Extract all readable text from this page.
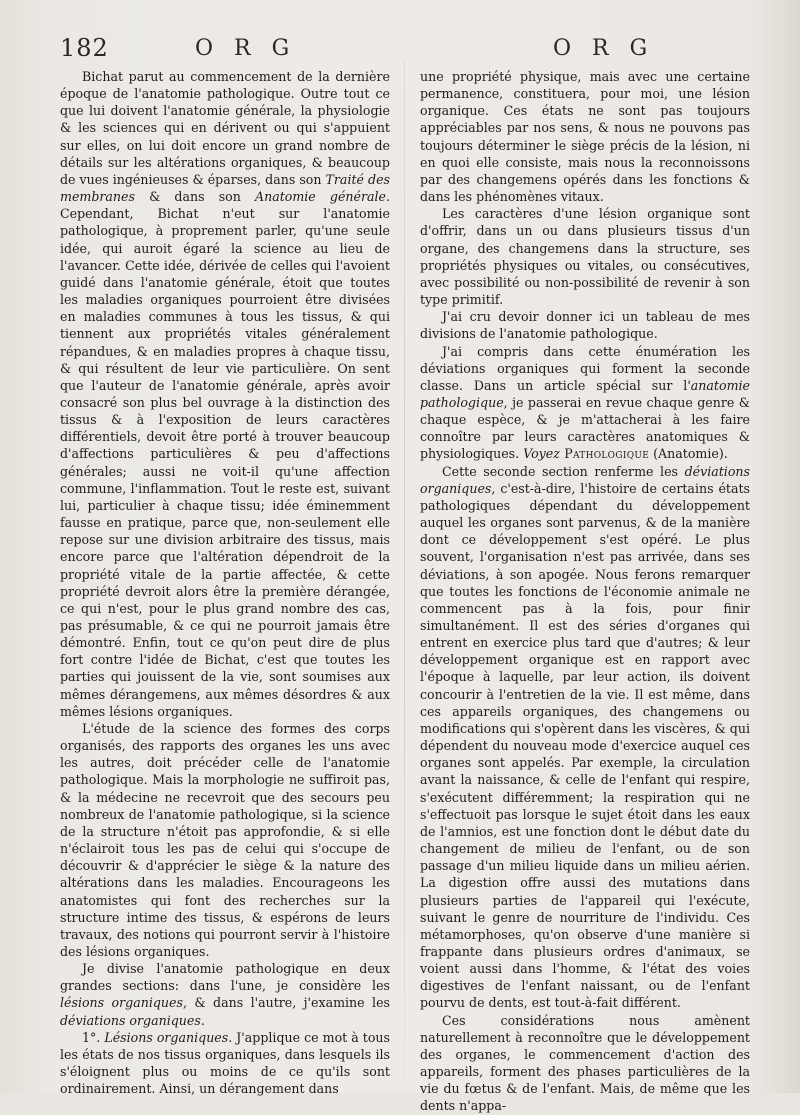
182	O R G	O R G

Bichat parut au commencement de la dernière époque de l'anatomie pathologique. Outre tout ce que lui doivent l'anatomie générale, la physiologie & les sciences qui en dérivent ou qui s'appuient sur elles, on lui doit encore un grand nombre de détails sur les altérations organiques, & beaucoup de vues ingénieuses & éparses, dans son Traité des membranes & dans son Anatomie générale. Cependant, Bichat n'eut sur l'anatomie pathologique, à proprement parler, qu'une seule idée, qui auroit égaré la science au lieu de l'avancer. Cette idée, dérivée de celles qui l'avoient guidé dans l'anatomie générale, étoit que toutes les maladies organiques pourroient être divisées en maladies communes à tous les tissus, & qui tiennent aux propriétés vitales généralement répandues, & en maladies propres à chaque tissu, & qui résultent de leur vie particulière. On sent que l'auteur de l'anatomie générale, après avoir consacré son plus bel ouvrage à la distinction des tissus & à l'exposition de leurs caractères différentiels, devoit être porté à trouver beaucoup d'affections particulières & peu d'affections générales; aussi ne voit-il qu'une affection commune, l'inflammation. Tout le reste est, suivant lui, particulier à chaque tissu; idée éminemment fausse en pratique, parce que, non-seulement elle repose sur une division arbitraire des tissus, mais encore parce que l'altération dépendroit de la propriété vitale de la partie affectée, & cette propriété devroit alors être la première dérangée, ce qui n'est, pour le plus grand nombre des cas, pas présumable, & ce qui ne pourroit jamais être démontré. Enfin, tout ce qu'on peut dire de plus fort contre l'idée de Bichat, c'est que toutes les parties qui jouissent de la vie, sont soumises aux mêmes dérangemens, aux mêmes désordres & aux mêmes lésions organiques.

L'étude de la science des formes des corps organisés, des rapports des organes les uns avec les autres, doit précéder celle de l'anatomie pathologique. Mais la morphologie ne suffiroit pas, & la médecine ne recevroit que des secours peu nombreux de l'anatomie pathologique, si la science de la structure n'étoit pas approfondie, & si elle n'éclairoit tous les pas de celui qui s'occupe de découvrir & d'apprécier le siège & la nature des altérations dans les maladies. Encourageons les anatomistes qui font des recherches sur la structure intime des tissus, & espérons de leurs travaux, des notions qui pourront servir à l'histoire des lésions organiques.

Je divise l'anatomie pathologique en deux grandes sections: dans l'une, je considère les lésions organiques, & dans l'autre, j'examine les déviations organiques.

1°. Lésions organiques. J'applique ce mot à tous les états de nos tissus organiques, dans lesquels ils s'éloignent plus ou moins de ce qu'ils sont ordinairement. Ainsi, un dérangement dans

une propriété physique, mais avec une certaine permanence, constituera, pour moi, une lésion organique. Ces états ne sont pas toujours appréciables par nos sens, & nous ne pouvons pas toujours déterminer le siège précis de la lésion, ni en quoi elle consiste, mais nous la reconnoissons par des changemens opérés dans les fonctions & dans les phénomènes vitaux.

Les caractères d'une lésion organique sont d'offrir, dans un ou dans plusieurs tissus d'un organe, des changemens dans la structure, ses propriétés physiques ou vitales, ou consécutives, avec possibilité ou non-possibilité de revenir à son type primitif.

J'ai cru devoir donner ici un tableau de mes divisions de l'anatomie pathologique.

J'ai compris dans cette énumération les déviations organiques qui forment la seconde classe. Dans un article spécial sur l'anatomie pathologique, je passerai en revue chaque genre & chaque espèce, & je m'attacherai à les faire connoître par leurs caractères anatomiques & physiologiques. Voyez Pathologique (Anatomie).

Cette seconde section renferme les déviations organiques, c'est-à-dire, l'histoire de certains états pathologiques dépendant du développement auquel les organes sont parvenus, & de la manière dont ce développement s'est opéré. Le plus souvent, l'organisation n'est pas arrivée, dans ses déviations, à son apogée. Nous ferons remarquer que toutes les fonctions de l'économie animale ne commencent pas à la fois, pour finir simultanément. Il est des séries d'organes qui entrent en exercice plus tard que d'autres; & leur développement organique est en rapport avec l'époque à laquelle, par leur action, ils doivent concourir à l'entretien de la vie. Il est même, dans ces appareils organiques, des changemens ou modifications qui s'opèrent dans les viscères, & qui dépendent du nouveau mode d'exercice auquel ces organes sont appelés. Par exemple, la circulation avant la naissance, & celle de l'enfant qui respire, s'exécutent différemment; la respiration qui ne s'effectuoit pas lorsque le sujet étoit dans les eaux de l'amnios, est une fonction dont le début date du changement de milieu de l'enfant, ou de son passage d'un milieu liquide dans un milieu aérien. La digestion offre aussi des mutations dans plusieurs parties de l'appareil qui l'exécute, suivant le genre de nourriture de l'individu. Ces métamorphoses, qu'on observe d'une manière si frappante dans plusieurs ordres d'animaux, se voient aussi dans l'homme, & l'état des voies digestives de l'enfant naissant, ou de l'enfant pourvu de dents, est tout-à-fait différent.

Ces considérations nous amènent naturellement à reconnoître que le développement des organes, le commencement d'action des appareils, forment des phases particulières de la vie du fœtus & de l'enfant. Mais, de même que les dents n'appa-
